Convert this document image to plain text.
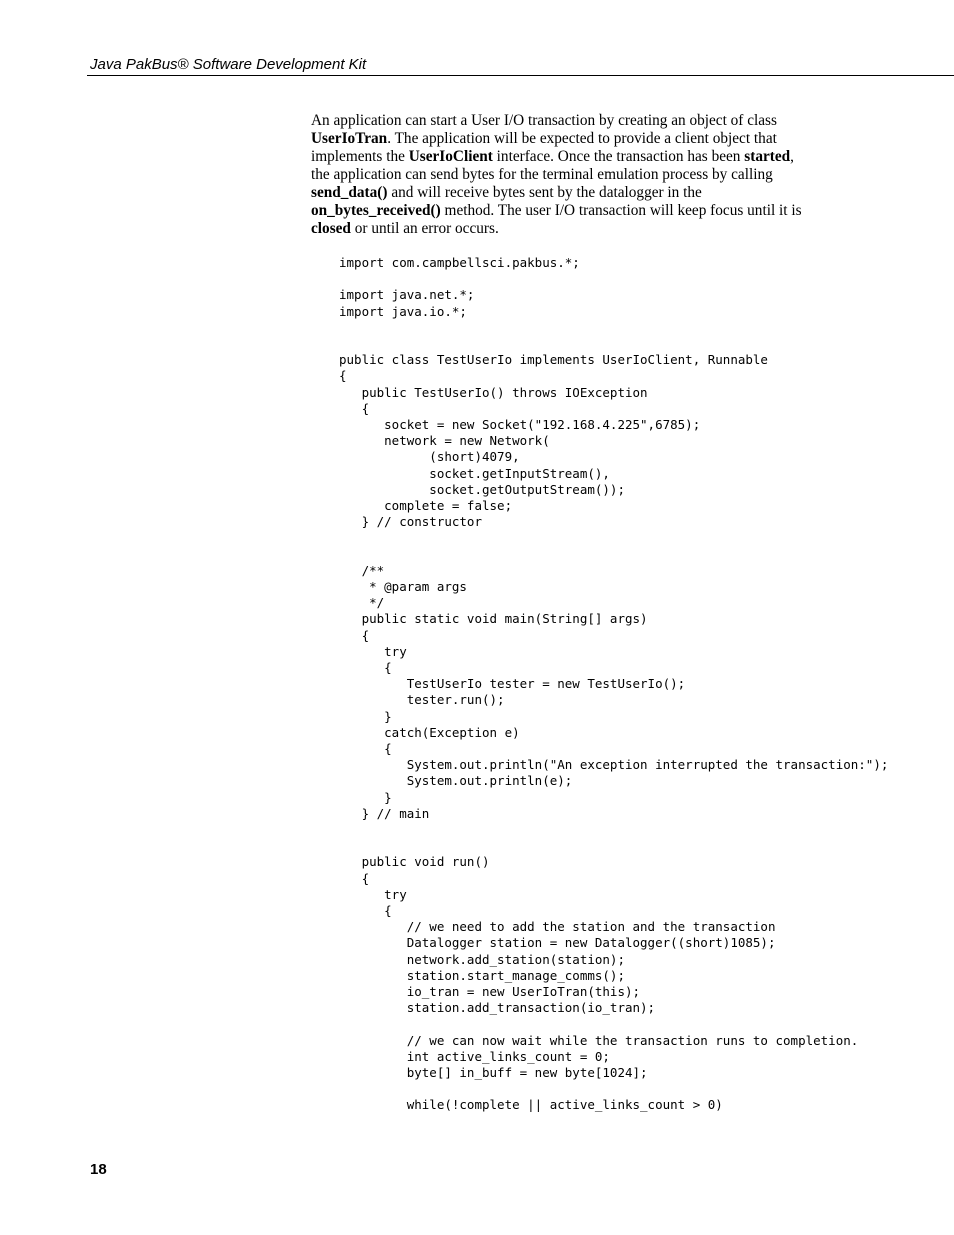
Java PakBus® Software Development Kit

An application can start a User I/O transaction by creating an object of class UserIoTran. The application will be expected to provide a client object that implements the UserIoClient interface. Once the transaction has been started, the application can send bytes for the terminal emulation process by calling send_data() and will receive bytes sent by the datalogger in the on_bytes_received() method. The user I/O transaction will keep focus until it is closed or until an error occurs.

import com.campbellsci.pakbus.*;
import java.net.*;
import java.io.*;
public class TestUserIo implements UserIoClient, Runnable
{
public TestUserIo() throws IOException
{
socket = new Socket("192.168.4.225",6785);
network = new Network(
(short)4079,
socket.getInputStream(),
socket.getOutputStream());
complete = false;
} // constructor
/**
* @param args
*/
public static void main(String[] args)
{
try
{
TestUserIo tester = new TestUserIo();
tester.run();
}
catch(Exception e)
{
System.out.println("An exception interrupted the transaction:");
System.out.println(e);
}
} // main
public void run()
{
try
{
// we need to add the station and the transaction
Datalogger station = new Datalogger((short)1085);
network.add_station(station);
station.start_manage_comms();
io_tran = new UserIoTran(this);
station.add_transaction(io_tran);
// we can now wait while the transaction runs to completion.
int active_links_count = 0;
byte[] in_buff = new byte[1024];
while(!complete || active_links_count > 0)
18
